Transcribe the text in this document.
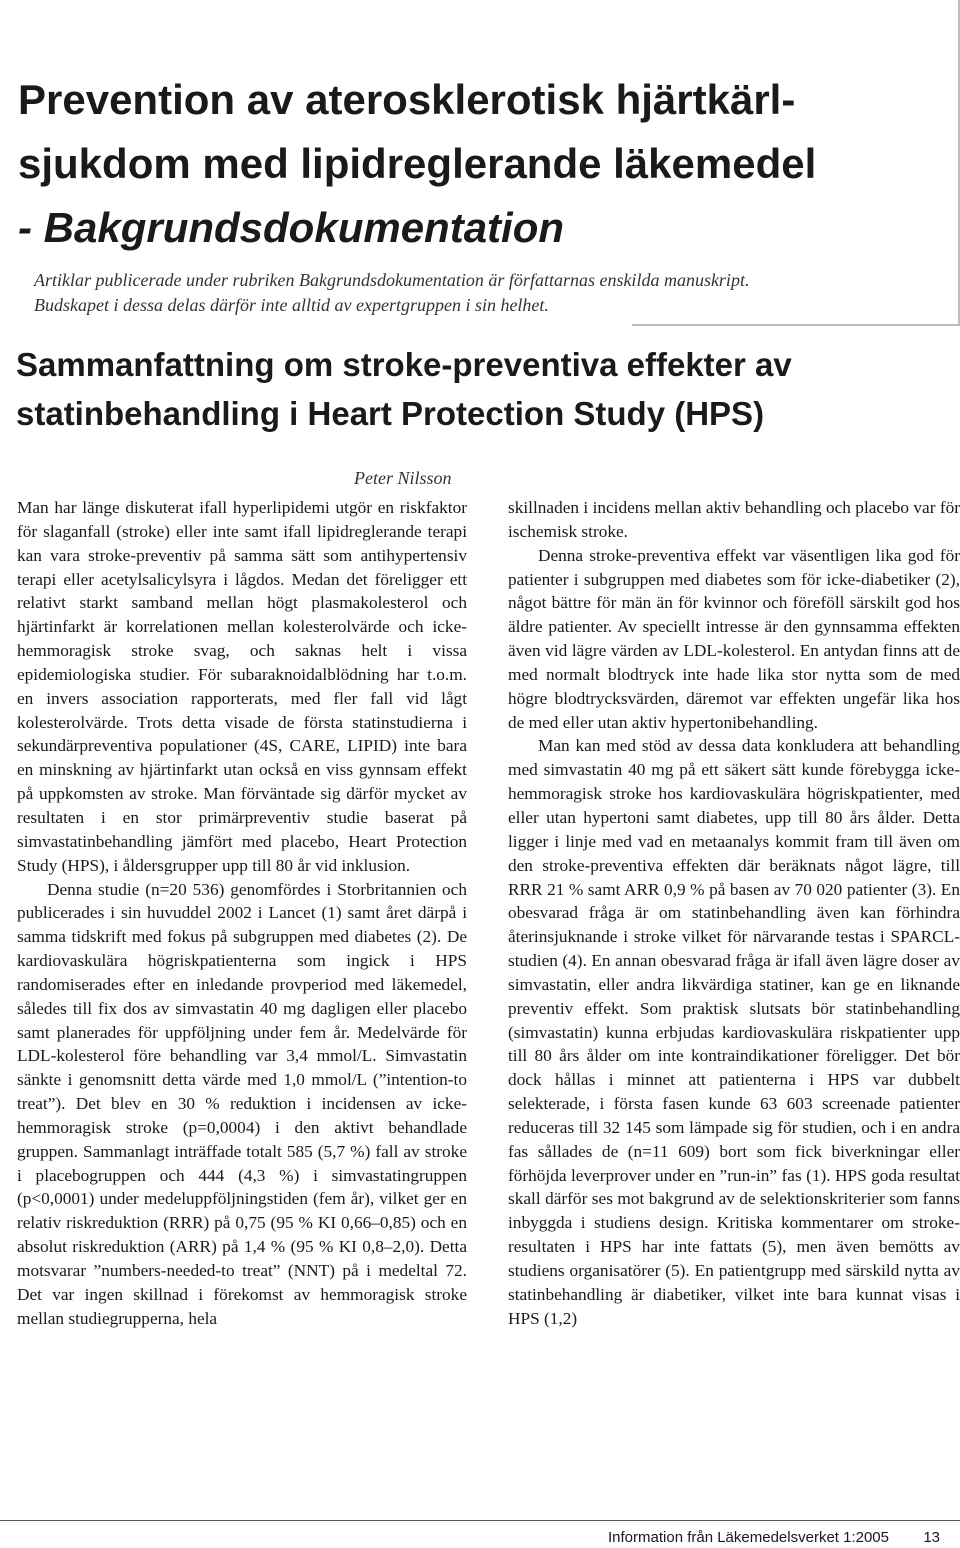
Prevention av aterosklerotisk hjärtkärl-
sjukdom med lipidreglerande läkemedel
- Bakgrundsdokumentation
Artiklar publicerade under rubriken Bakgrundsdokumentation är författarnas enskilda manuskript.
Budskapet i dessa delas därför inte alltid av expertgruppen i sin helhet.
Sammanfattning om stroke-preventiva effekter av
statinbehandling i Heart Protection Study (HPS)
Peter Nilsson

Man har länge diskuterat ifall hyperlipidemi utgör en riskfaktor för slaganfall (stroke) eller inte samt ifall lipidreglerande terapi kan vara stroke-preventiv på samma sätt som antihypertensiv terapi eller acetylsalicylsyra i lågdos. Medan det föreligger ett relativt starkt samband mellan högt plasmakolesterol och hjärtinfarkt är korrelationen mellan kolesterolvärde och icke-hemmoragisk stroke svag, och saknas helt i vissa epidemiologiska studier. För subaraknoidalblödning har t.o.m. en invers association rapporterats, med fler fall vid lågt kolesterolvärde. Trots detta visade de första statinstudierna i sekundärpreventiva populationer (4S, CARE, LIPID) inte bara en minskning av hjärtinfarkt utan också en viss gynnsam effekt på uppkomsten av stroke. Man förväntade sig därför mycket av resultaten i en stor primärpreventiv studie baserat på simvastatinbehandling jämfört med placebo, Heart Protection Study (HPS), i åldersgrupper upp till 80 år vid inklusion.

Denna studie (n=20 536) genomfördes i Storbritannien och publicerades i sin huvuddel 2002 i Lancet (1) samt året därpå i samma tidskrift med fokus på subgruppen med diabetes (2). De kardiovaskulära högriskpatienterna som ingick i HPS randomiserades efter en inledande provperiod med läkemedel, således till fix dos av simvastatin 40 mg dagligen eller placebo samt planerades för uppföljning under fem år. Medelvärde för LDL-kolesterol före behandling var 3,4 mmol/L. Simvastatin sänkte i genomsnitt detta värde med 1,0 mmol/L (”intention-to treat”). Det blev en 30 % reduktion i incidensen av icke-hemmoragisk stroke (p=0,0004) i den aktivt behandlade gruppen. Sammanlagt inträffade totalt 585 (5,7 %) fall av stroke i placebogruppen och 444 (4,3 %) i simvastatingruppen (p<0,0001) under medeluppföljningstiden (fem år), vilket ger en relativ riskreduktion (RRR) på 0,75 (95 % KI 0,66–0,85) och en absolut riskreduktion (ARR) på 1,4 % (95 % KI 0,8–2,0). Detta motsvarar ”numbers-needed-to treat” (NNT) på i medeltal 72. Det var ingen skillnad i förekomst av hemmoragisk stroke mellan studiegrupperna, hela

skillnaden i incidens mellan aktiv behandling och placebo var för ischemisk stroke.

Denna stroke-preventiva effekt var väsentligen lika god för patienter i subgruppen med diabetes som för icke-diabetiker (2), något bättre för män än för kvinnor och föreföll särskilt god hos äldre patienter. Av speciellt intresse är den gynnsamma effekten även vid lägre värden av LDL-kolesterol. En antydan finns att de med normalt blodtryck inte hade lika stor nytta som de med högre blodtrycksvärden, däremot var effekten ungefär lika hos de med eller utan aktiv hypertonibehandling.

Man kan med stöd av dessa data konkludera att behandling med simvastatin 40 mg på ett säkert sätt kunde förebygga icke-hemmoragisk stroke hos kardiovaskulära högriskpatienter, med eller utan hypertoni samt diabetes, upp till 80 års ålder. Detta ligger i linje med vad en metaanalys kommit fram till även om den stroke-preventiva effekten där beräknats något lägre, till RRR 21 % samt ARR 0,9 % på basen av 70 020 patienter (3). En obesvarad fråga är om statinbehandling även kan förhindra återinsjuknande i stroke vilket för närvarande testas i SPARCL-studien (4). En annan obesvarad fråga är ifall även lägre doser av simvastatin, eller andra likvärdiga statiner, kan ge en liknande preventiv effekt. Som praktisk slutsats bör statinbehandling (simvastatin) kunna erbjudas kardiovaskulära riskpatienter upp till 80 års ålder om inte kontraindikationer föreligger. Det bör dock hållas i minnet att patienterna i HPS var dubbelt selekterade, i första fasen kunde 63 603 screenade patienter reduceras till 32 145 som lämpade sig för studien, och i en andra fas sållades de (n=11 609) bort som fick biverkningar eller förhöjda leverprover under en ”run-in” fas (1). HPS goda resultat skall därför ses mot bakgrund av de selektionskriterier som fanns inbyggda i studiens design. Kritiska kommentarer om stroke-resultaten i HPS har inte fattats (5), men även bemötts av studiens organisatörer (5). En patientgrupp med särskild nytta av statinbehandling är diabetiker, vilket inte bara kunnat visas i HPS (1,2)

Information från Läkemedelsverket 1:2005 13
